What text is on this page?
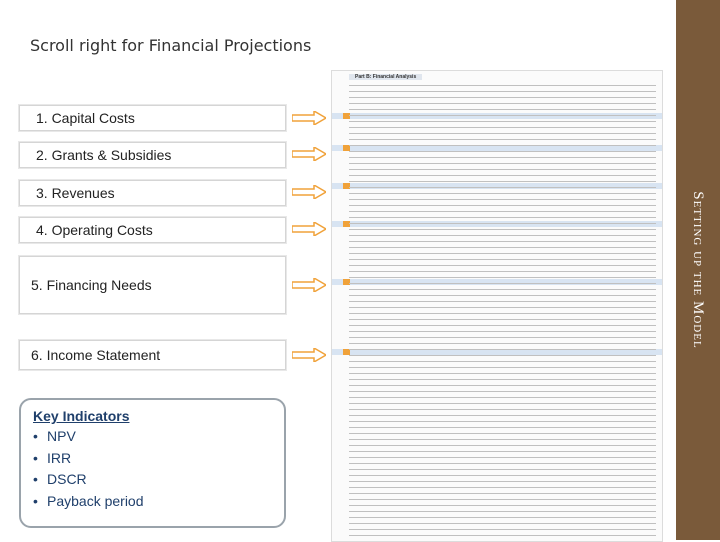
Scroll right for Financial Projections
Setting up the Model
1. Capital Costs
2. Grants & Subsidies
3. Revenues
4. Operating Costs
5. Financing Needs
6. Income Statement
Key Indicators
• NPV
• IRR
• DSCR
• Payback period
Part B: Financial Analysis
